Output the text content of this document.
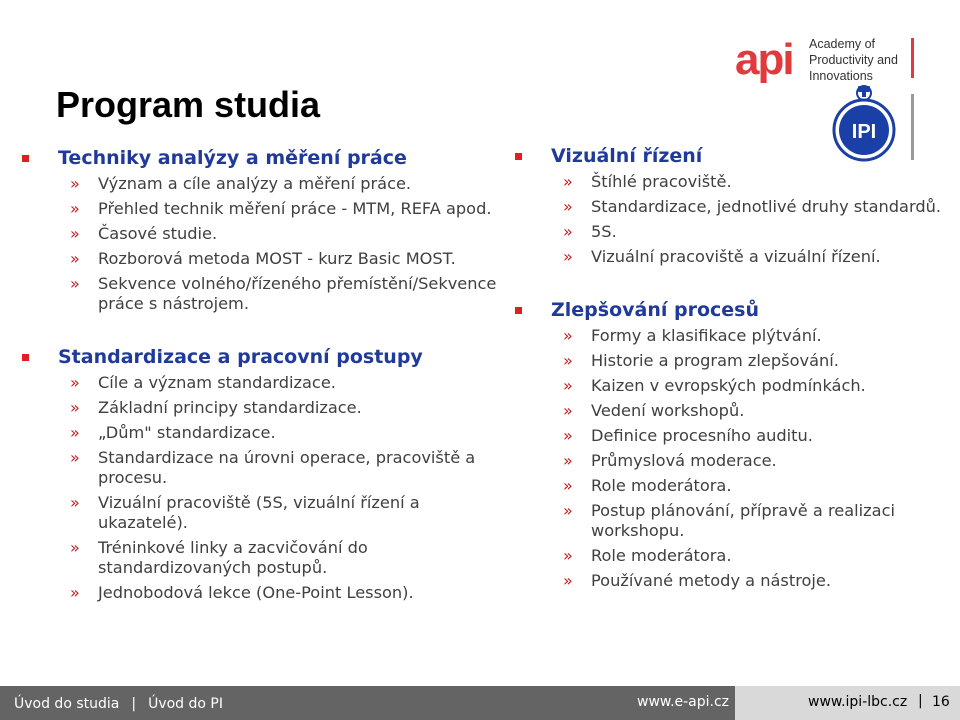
api Academy of
Productivity and
Innovations
IPI
Program studia
Techniky analýzy a měření práce
» Význam a cíle analýzy a měření práce.
» Přehled technik měření práce - MTM, REFA apod.
» Časové studie.
» Rozborová metoda MOST - kurz Basic MOST.
» Sekvence volného/řízeného přemístění/Sekvence práce s nástrojem.
Standardizace a pracovní postupy
» Cíle a význam standardizace.
» Základní principy standardizace.
» „Dům" standardizace.
» Standardizace na úrovni operace, pracoviště a procesu.
» Vizuální pracoviště (5S, vizuální řízení a ukazatelé).
» Tréninkové linky a zacvičování do standardizovaných postupů.
» Jednobodová lekce (One-Point Lesson).
Vizuální řízení
» Štíhlé pracoviště.
» Standardizace, jednotlivé druhy standardů.
» 5S.
» Vizuální pracoviště a vizuální řízení.
Zlepšování procesů
» Formy a klasifikace plýtvání.
» Historie a program zlepšování.
» Kaizen v evropských podmínkách.
» Vedení workshopů.
» Definice procesního auditu.
» Průmyslová moderace.
» Role moderátora.
» Postup plánování, přípravě a realizaci workshopu.
» Role moderátora.
» Používané metody a nástroje.
Úvod do studia | Úvod do PI	www.e-api.cz	www.ipi-lbc.cz | 16
